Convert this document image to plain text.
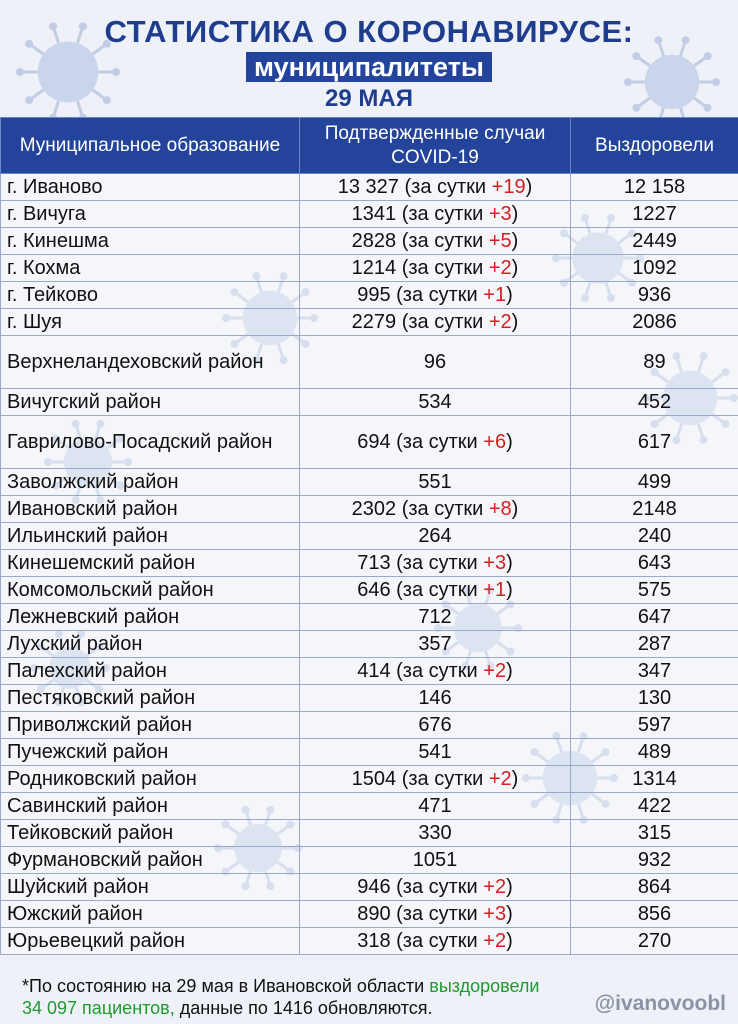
СТАТИСТИКА О КОРОНАВИРУСЕ:
муниципалитеты
29 МАЯ
Муниципальное образование	Подтвержденные случаи COVID-19	Выздоровели
г. Иваново	13 327 (за сутки +19)	12 158
г. Вичуга	1341 (за сутки +3)	1227
г. Кинешма	2828 (за сутки +5)	2449
г. Кохма	1214 (за сутки +2)	1092
г. Тейково	995 (за сутки +1)	936
г. Шуя	2279 (за сутки +2)	2086
Верхнеландеховский район	96	89
Вичугский район	534	452
Гаврилово-Посадский район	694 (за сутки +6)	617
Заволжский район	551	499
Ивановский район	2302 (за сутки +8)	2148
Ильинский район	264	240
Кинешемский район	713 (за сутки +3)	643
Комсомольский район	646 (за сутки +1)	575
Лежневский район	712	647
Лухский район	357	287
Палехский район	414 (за сутки +2)	347
Пестяковский район	146	130
Приволжский район	676	597
Пучежский район	541	489
Родниковский район	1504 (за сутки +2)	1314
Савинский район	471	422
Тейковский район	330	315
Фурмановский район	1051	932
Шуйский район	946 (за сутки +2)	864
Южский район	890 (за сутки +3)	856
Юрьевецкий район	318 (за сутки +2)	270
*По состоянию на 29 мая в Ивановской области выздоровели
34 097 пациентов, данные по 1416 обновляются.	@ivanovoobl
